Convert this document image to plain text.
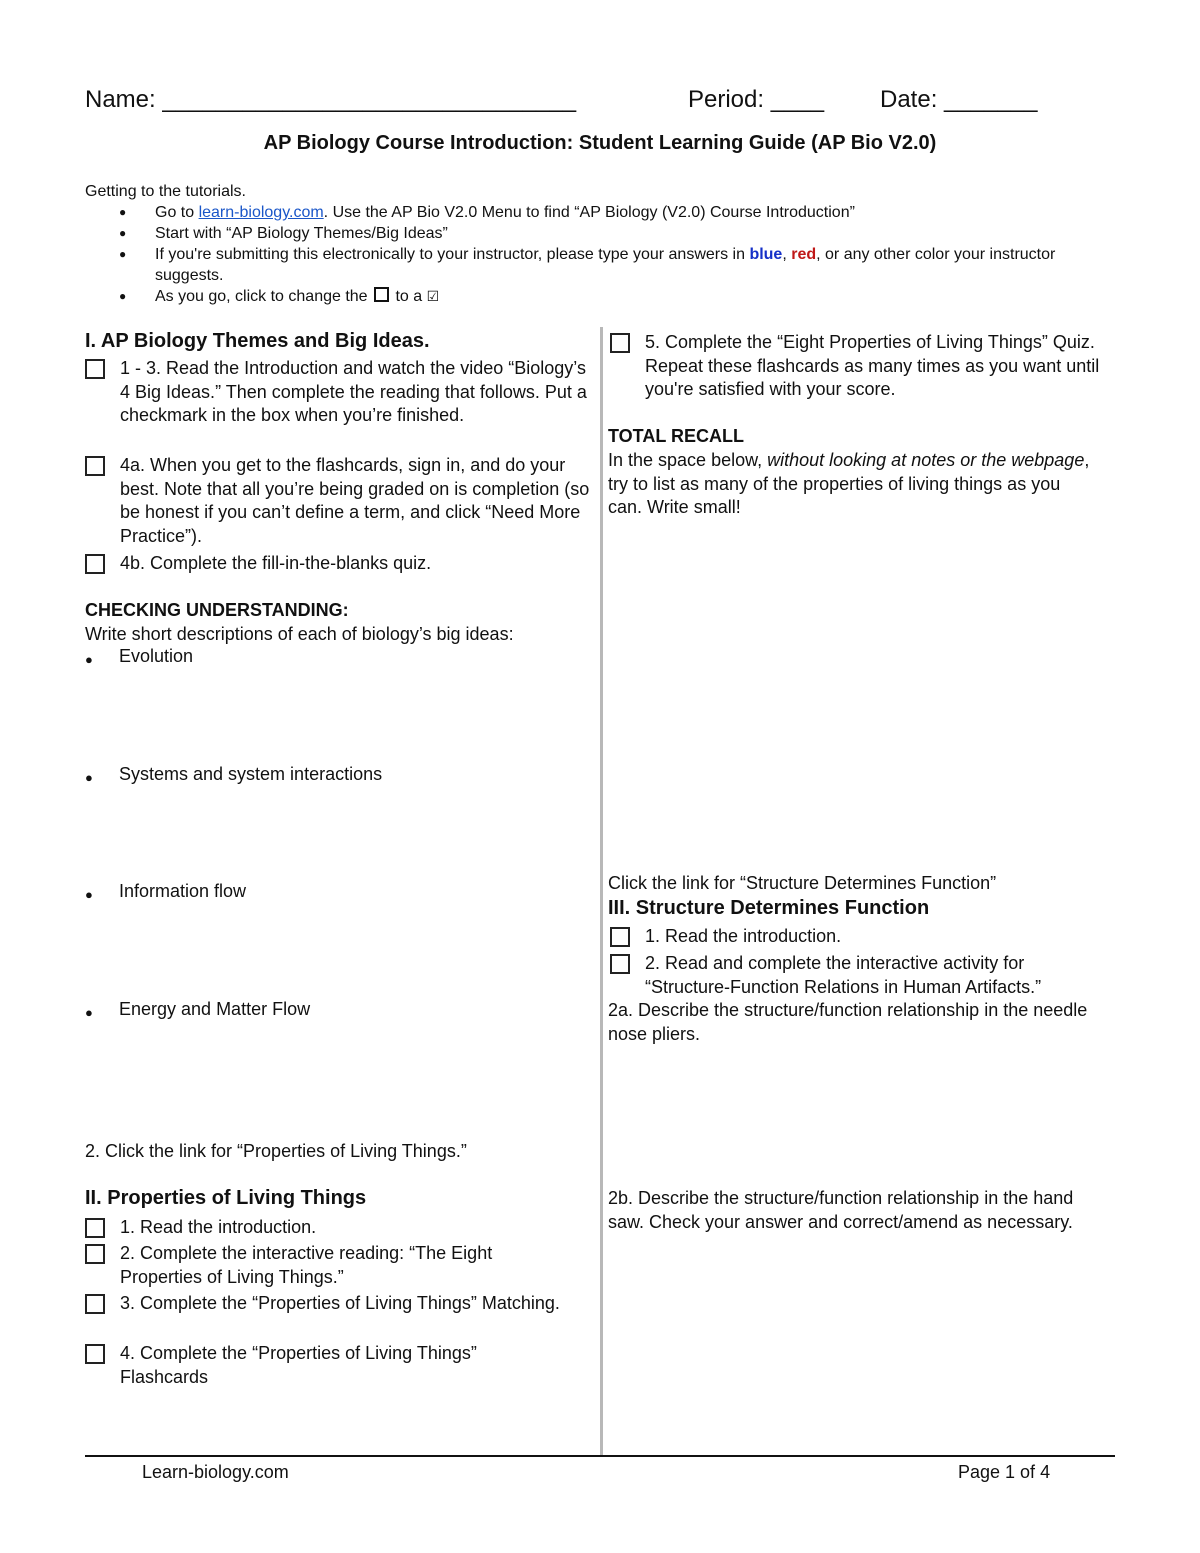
Name: _______________________________	Period: ____ Date: _______
AP Biology Course Introduction: Student Learning Guide (AP Bio V2.0)
Getting to the tutorials.
● Go to learn-biology.com. Use the AP Bio V2.0 Menu to find “AP Biology (V2.0) Course Introduction”
● Start with “AP Biology Themes/Big Ideas”
● If you're submitting this electronically to your instructor, please type your answers in blue, red, or any other color your instructor suggests.
● As you go, click to change the  to a ☑
I. AP Biology Themes and Big Ideas.
1 - 3. Read the Introduction and watch the video “Biology’s 4 Big Ideas.” Then complete the reading that follows. Put a checkmark in the box when you’re finished.
4a. When you get to the flashcards, sign in, and do your best. Note that all you’re being graded on is completion (so be honest if you can’t define a term, and click “Need More Practice”).
4b. Complete the fill-in-the-blanks quiz.
CHECKING UNDERSTANDING:
Write short descriptions of each of biology’s big ideas:
● Evolution
● Systems and system interactions
● Information flow
● Energy and Matter Flow
2. Click the link for “Properties of Living Things.”
II. Properties of Living Things
1. Read the introduction.
2. Complete the interactive reading: “The Eight Properties of Living Things.”
3. Complete the “Properties of Living Things” Matching.
4. Complete the “Properties of Living Things” Flashcards
5. Complete the “Eight Properties of Living Things” Quiz. Repeat these flashcards as many times as you want until you're satisfied with your score.
TOTAL RECALL
In the space below, without looking at notes or the webpage, try to list as many of the properties of living things as you can. Write small!
Click the link for “Structure Determines Function”
III. Structure Determines Function
1. Read the introduction.
2. Read and complete the interactive activity for “Structure-Function Relations in Human Artifacts.”
2a. Describe the structure/function relationship in the needle nose pliers.
2b. Describe the structure/function relationship in the hand saw. Check your answer and correct/amend as necessary.
Learn-biology.com	Page 1 of 4
